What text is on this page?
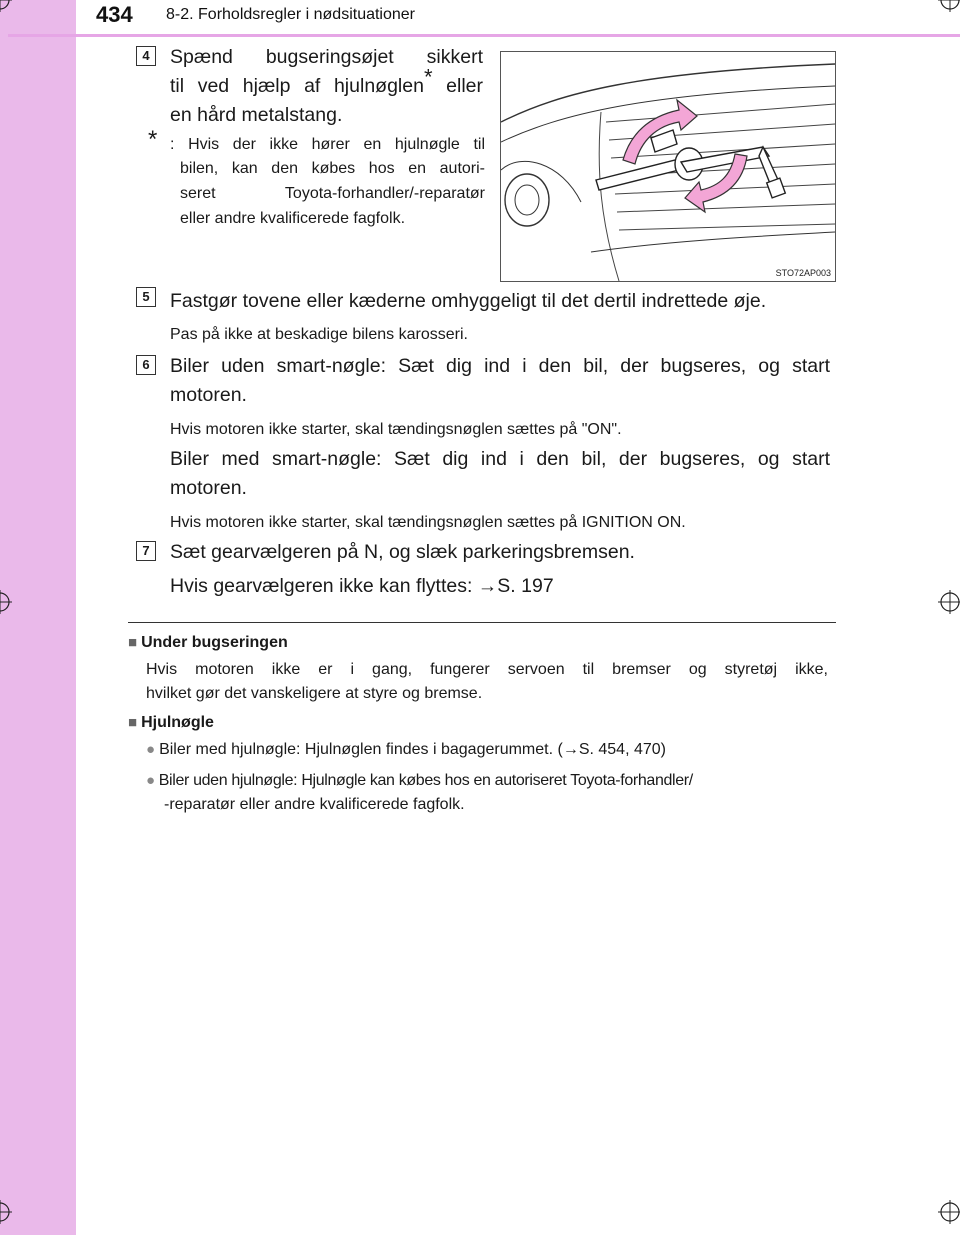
434 8-2. Forholdsregler i nødsituationer
4	Spænd bugseringsøjet sikkert
til ved hjælp af hjulnøglen* eller
en hård metalstang.
* : Hvis der ikke hører en hjulnøgle til
bilen, kan den købes hos en autori-
seret Toyota-forhandler/-reparatør
eller andre kvalificerede fagfolk.
STO72AP003
5	Fastgør tovene eller kæderne omhyggeligt til det dertil indrettede øje.
Pas på ikke at beskadige bilens karosseri.
6	Biler uden smart-nøgle: Sæt dig ind i den bil, der bugseres, og start
motoren.
Hvis motoren ikke starter, skal tændingsnøglen sættes på "ON".
Biler med smart-nøgle: Sæt dig ind i den bil, der bugseres, og start
motoren.
Hvis motoren ikke starter, skal tændingsnøglen sættes på IGNITION ON.
7	Sæt gearvælgeren på N, og slæk parkeringsbremsen.
Hvis gearvælgeren ikke kan flyttes: →S. 197
■ Under bugseringen
Hvis motoren ikke er i gang, fungerer servoen til bremser og styretøj ikke,
hvilket gør det vanskeligere at styre og bremse.
■ Hjulnøgle
● Biler med hjulnøgle: Hjulnøglen findes i bagagerummet. (→S. 454, 470)
● Biler uden hjulnøgle: Hjulnøgle kan købes hos en autoriseret Toyota-forhandler/
-reparatør eller andre kvalificerede fagfolk.
